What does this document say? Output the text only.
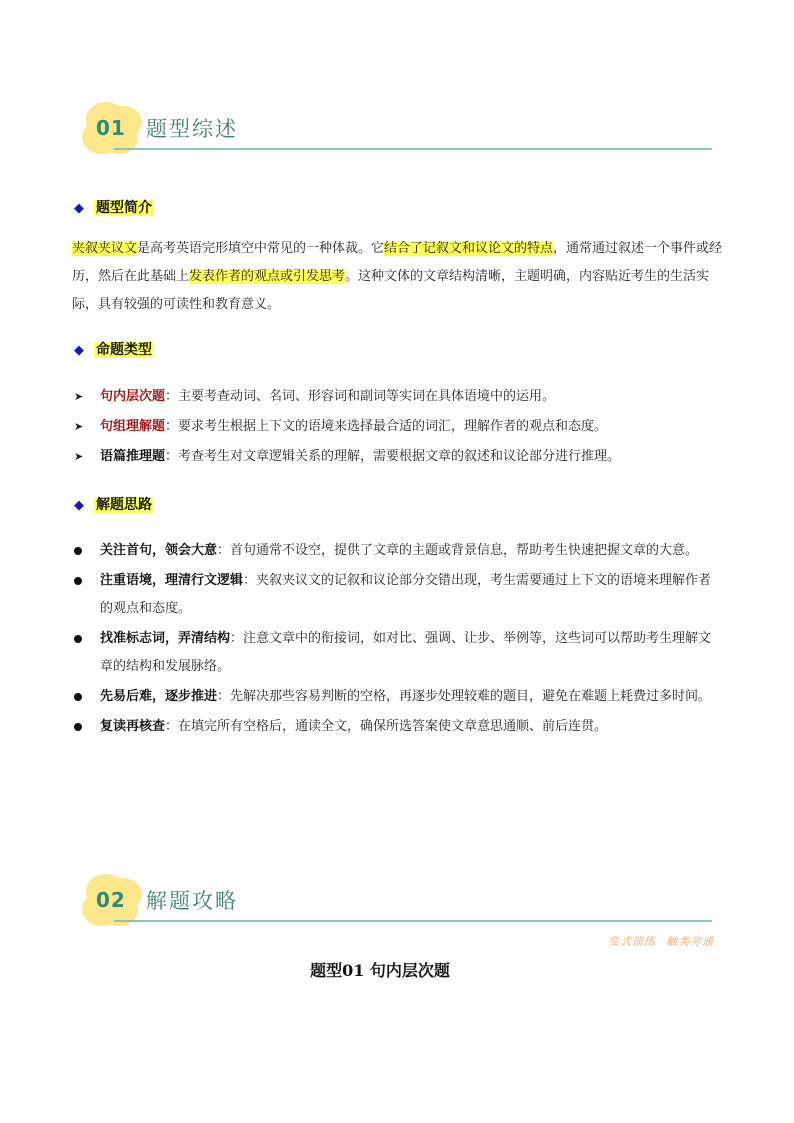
01 题型综述
◆ 题型简介
夹叙夹议文是高考英语完形填空中常见的一种体裁。它结合了记叙文和议论文的特点，通常通过叙述一个事件或经历，然后在此基础上发表作者的观点或引发思考。这种文体的文章结构清晰，主题明确，内容贴近考生的生活实际，具有较强的可读性和教育意义。
◆ 命题类型
➤ 句内层次题：主要考查动词、名词、形容词和副词等实词在具体语境中的运用。
➤ 句组理解题：要求考生根据上下文的语境来选择最合适的词汇，理解作者的观点和态度。
➤ 语篇推理题：考查考生对文章逻辑关系的理解，需要根据文章的叙述和议论部分进行推理。
◆ 解题思路
关注首句，领会大意：首句通常不设空，提供了文章的主题或背景信息，帮助考生快速把握文章的大意。
注重语境，理清行文逻辑：夹叙夹议文的记叙和议论部分交错出现，考生需要通过上下文的语境来理解作者的观点和态度。
找准标志词，弄清结构：注意文章中的衔接词，如对比、强调、让步、举例等，这些词可以帮助考生理解文章的结构和发展脉络。
先易后难，逐步推进：先解决那些容易判断的空格，再逐步处理较难的题目，避免在难题上耗费过多时间。
复读再核查：在填完所有空格后，通读全文，确保所选答案使文章意思通顺、前后连贯。
02 解题攻略
变式演练 触类旁通
题型01 句内层次题
